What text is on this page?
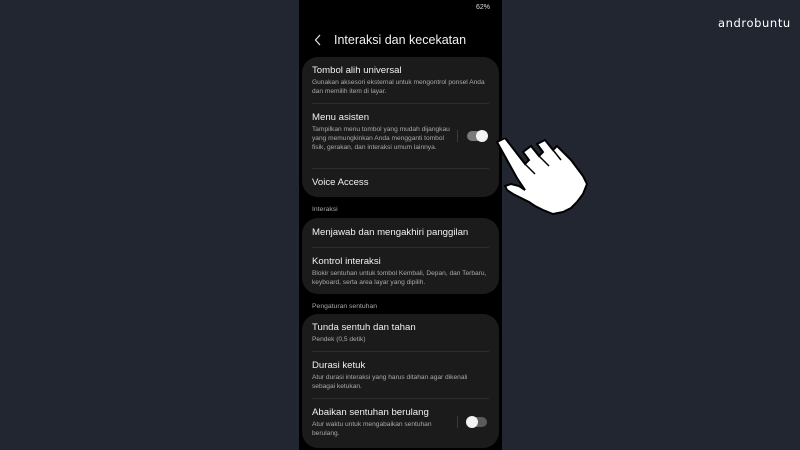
androbuntu
62%
Interaksi dan kecekatan
Tombol alih universal
Gunakan aksesori eksternal untuk mengontrol ponsel Anda dan memilih item di layar.
Menu asisten
Tampilkan menu tombol yang mudah dijangkau yang memungkinkan Anda mengganti tombol fisik, gerakan, dan interaksi umum lainnya.
Voice Access
Interaksi
Menjawab dan mengakhiri panggilan
Kontrol interaksi
Blokir sentuhan untuk tombol Kembali, Depan, dan Terbaru, keyboard, serta area layar yang dipilih.
Pengaturan sentuhan
Tunda sentuh dan tahan
Pendek (0,5 detik)
Durasi ketuk
Atur durasi interaksi yang harus ditahan agar dikenali sebagai ketukan.
Abaikan sentuhan berulang
Atur waktu untuk mengabaikan sentuhan berulang.
